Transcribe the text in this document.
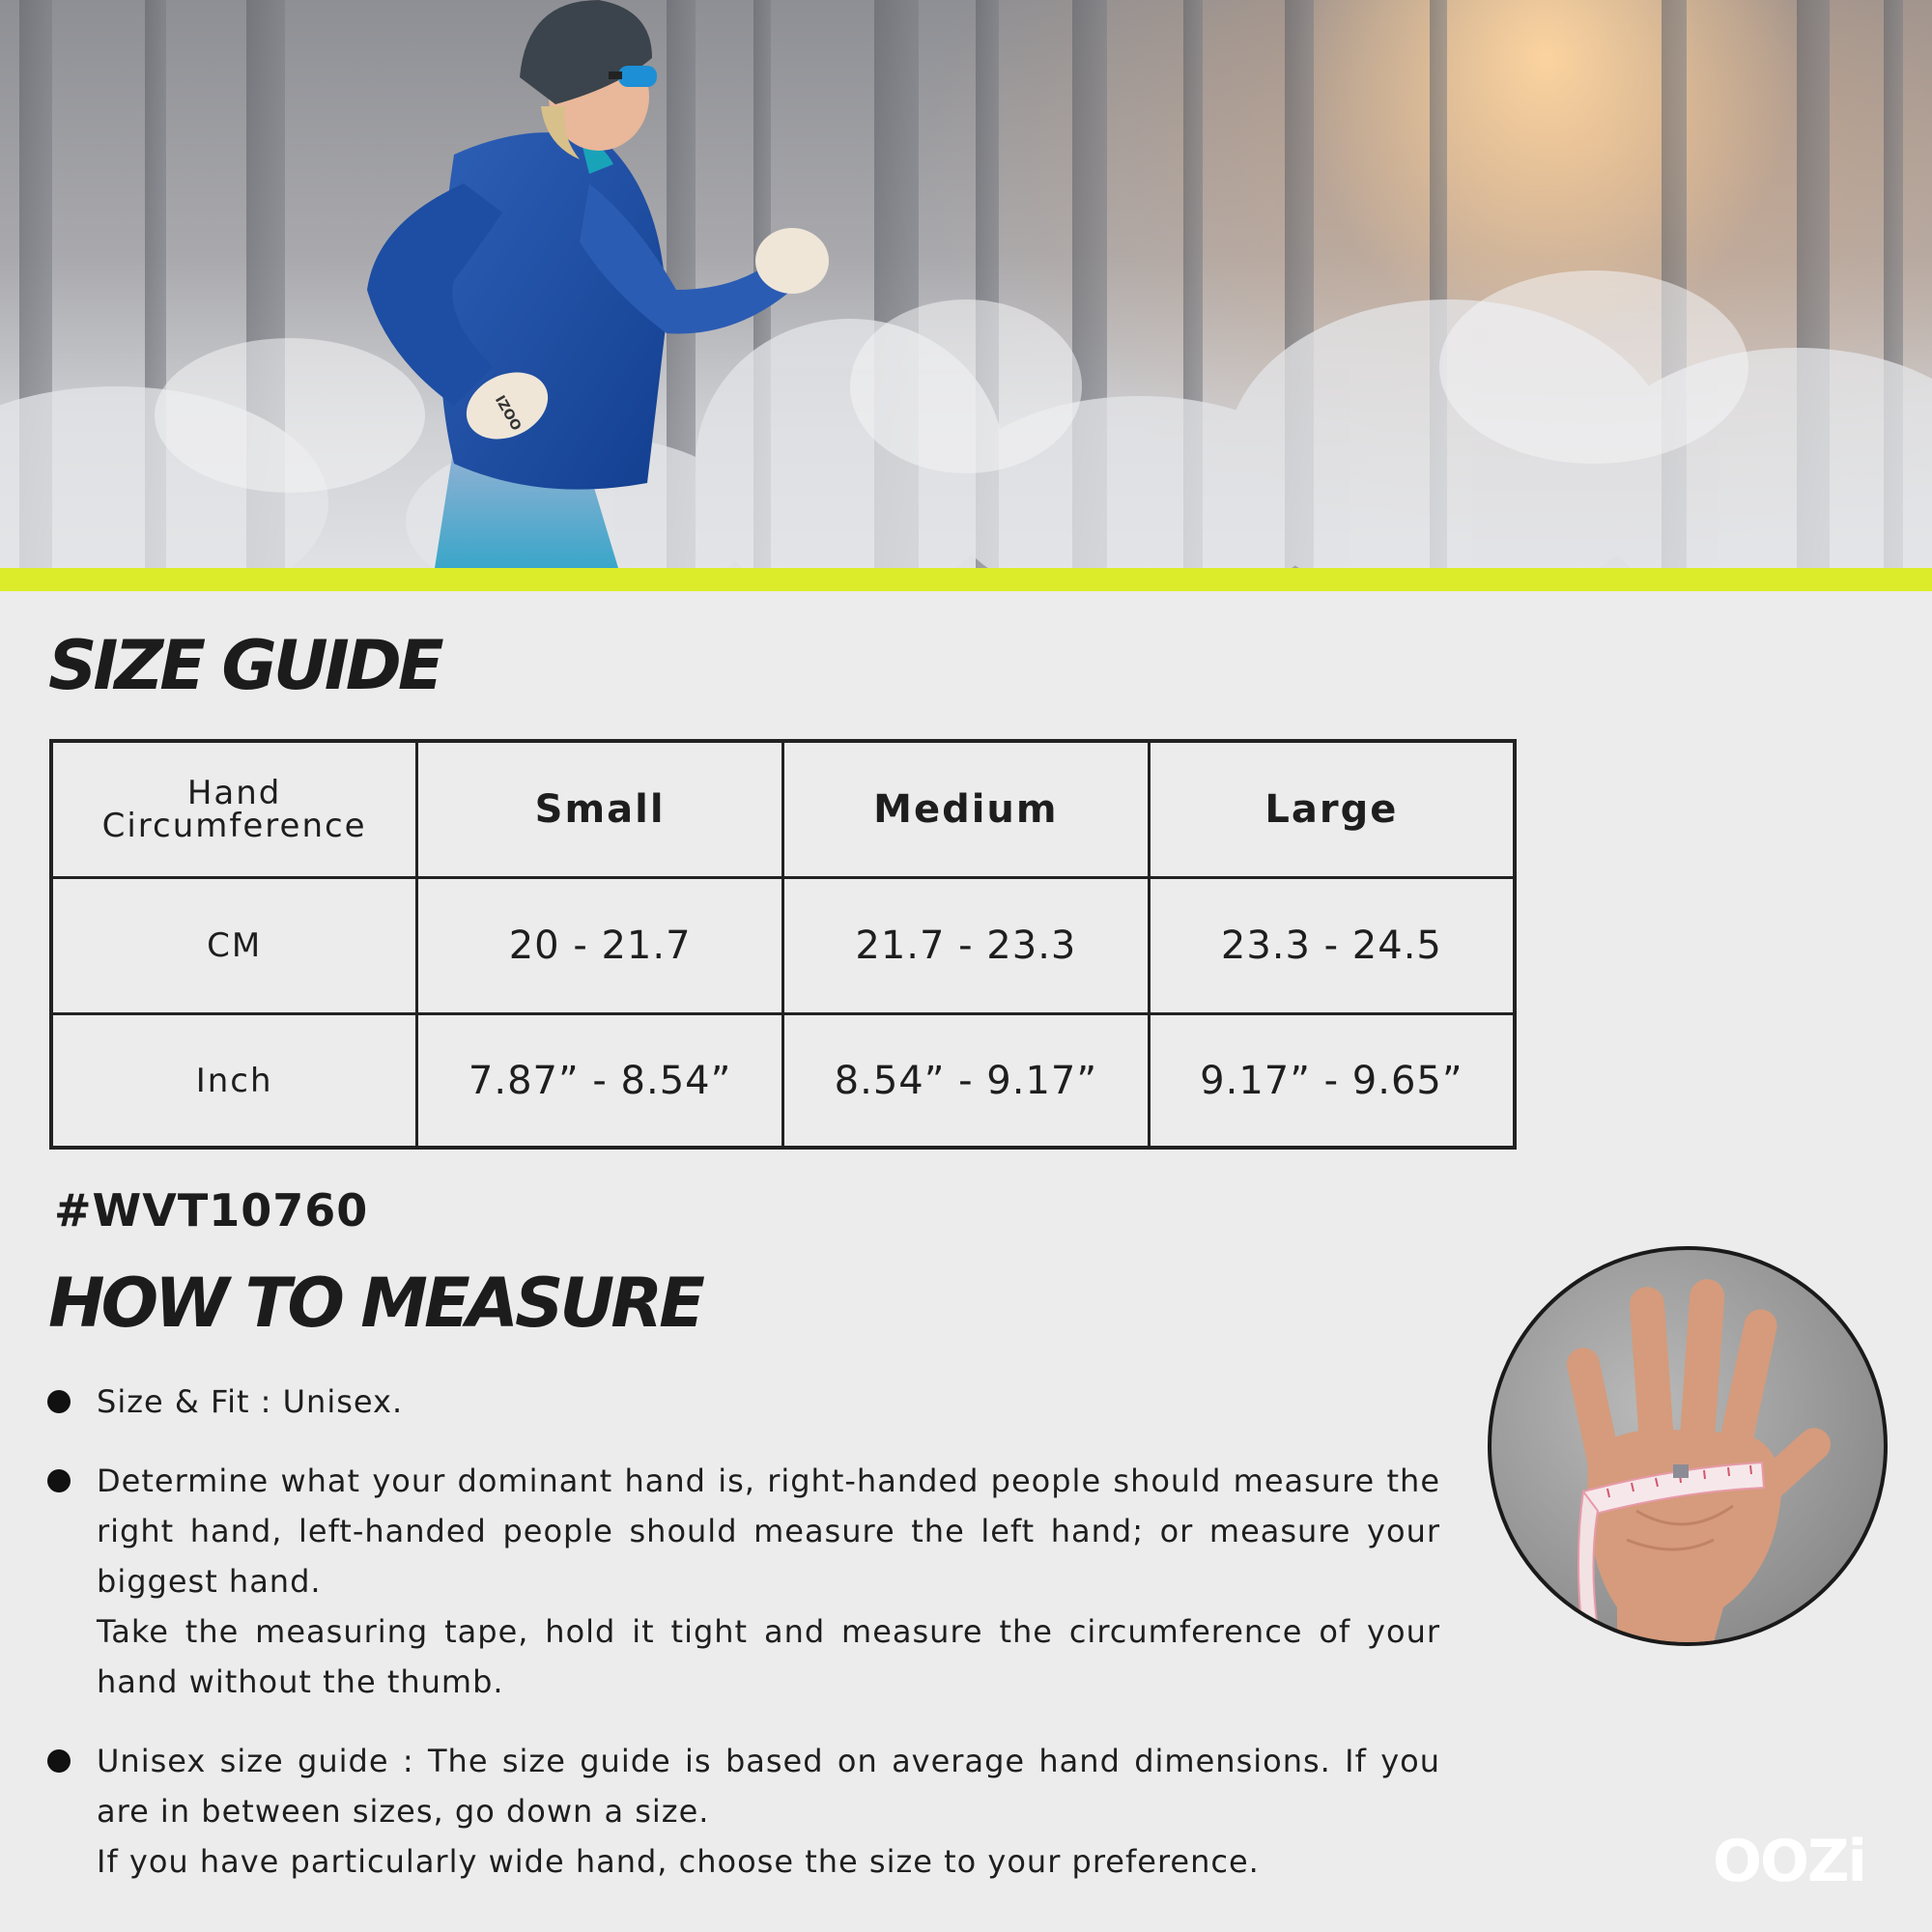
IZOO
SIZE GUIDE
Hand Circumference	Small	Medium	Large
CM	20 - 21.7	21.7 - 23.3	23.3 - 24.5
Inch	7.87” - 8.54”	8.54” - 9.17”	9.17” - 9.65”
#WVT10760
HOW TO MEASURE

Size & Fit : Unisex.

Determine what your dominant hand is, right-handed people should measure the right hand, left-handed people should measure the left hand; or measure your biggest hand.

Take the measuring tape, hold it tight and measure the circumference of your hand without the thumb.

Unisex size guide : The size guide is based on average hand dimensions. If you are in between sizes, go down a size.

If you have particularly wide hand, choose the size to your preference.	OOZi
